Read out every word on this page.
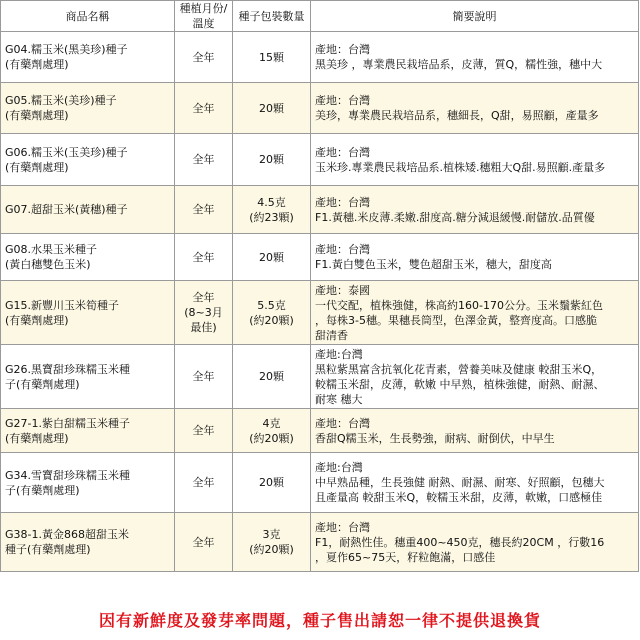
商品名稱	種植月份/溫度	種子包裝數量	簡要說明
G04.糯玉米(黑美珍)種子
(有藥劑處理)	全年	15顆	產地：台灣
黑美珍 ，專業農民栽培品系，皮薄，質Q，糯性強，穗中大
G05.糯玉米(美珍)種子
(有藥劑處理)	全年	20顆	產地：台灣
美珍，專業農民栽培品系，穗細長，Q甜，易照顧，產量多
G06.糯玉米(玉美珍)種子
(有藥劑處理)	全年	20顆	產地：台灣
玉米珍.專業農民栽培品系.植株矮.穗粗大Q甜.易照顧.產量多
G07.超甜玉米(黃穗)種子	全年	4.5克
(約23顆)	產地：台灣
F1.黃穗.米皮薄.柔嫩.甜度高.糖分減退緩慢.耐儲放.品質優
G08.水果玉米種子
(黃白穗雙色玉米)	全年	20顆	產地：台灣
F1.黃白雙色玉米，雙色超甜玉米，穗大，甜度高
G15.新豐川玉米筍種子
(有藥劑處理)	全年
(8~3月最佳)	5.5克
(約20顆)	產地：泰國
一代交配，植株強健，株高約160-170公分。玉米鬚紫紅色
，每株3-5穗。果穗長筒型，色澤金黃，整齊度高。口感脆
甜清香
G26.黑寶甜珍珠糯玉米種
子(有藥劑處理)	全年	20顆	產地:台灣
黑粒紫黑富含抗氧化花青素，營養美味及健康 較甜玉米Q，
較糯玉米甜，皮薄，軟嫩 中早熟，植株強健，耐熱、耐濕、
耐寒 穗大
G27-1.紫白甜糯玉米種子
(有藥劑處理)	全年	4克
(約20顆)	產地：台灣
香甜Q糯玉米，生長勢強，耐病、耐倒伏，中早生
G34.雪寶甜珍珠糯玉米種
子(有藥劑處理)	全年	20顆	產地:台灣
中早熟品種，生長強健 耐熱、耐濕、耐寒、好照顧，包穗大
且產量高 較甜玉米Q，較糯玉米甜，皮薄，軟嫩，口感極佳
G38-1.黃金868超甜玉米
種子(有藥劑處理)	全年	3克
(約20顆)	產地：台灣
F1，耐熱性佳。穗重400~450克，穗長約20CM ，行數16
，夏作65~75天，籽粒飽滿，口感佳
因有新鮮度及發芽率問題，種子售出請恕一律不提供退換貨
